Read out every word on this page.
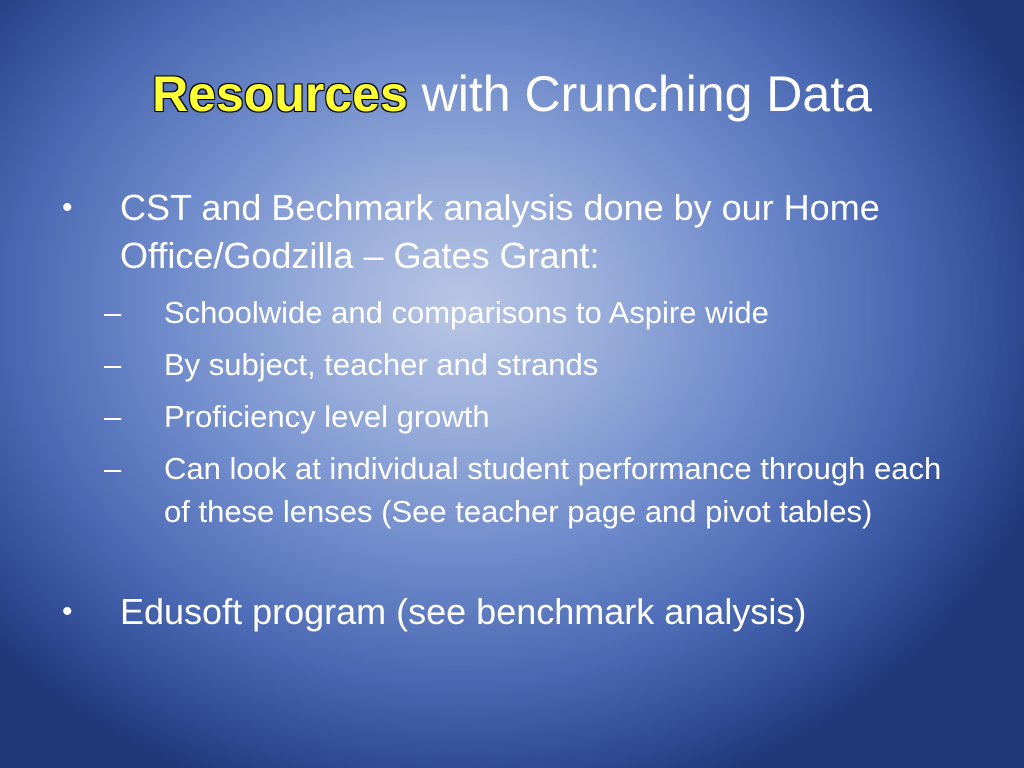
Resources with Crunching Data
•	CST and Bechmark analysis done by our Home Office/Godzilla – Gates Grant:
–	Schoolwide and comparisons to Aspire wide
–	By subject, teacher and strands
–	Proficiency level growth
–	Can look at individual student performance through each of these lenses (See teacher page and pivot tables)
•	Edusoft program (see benchmark analysis)
